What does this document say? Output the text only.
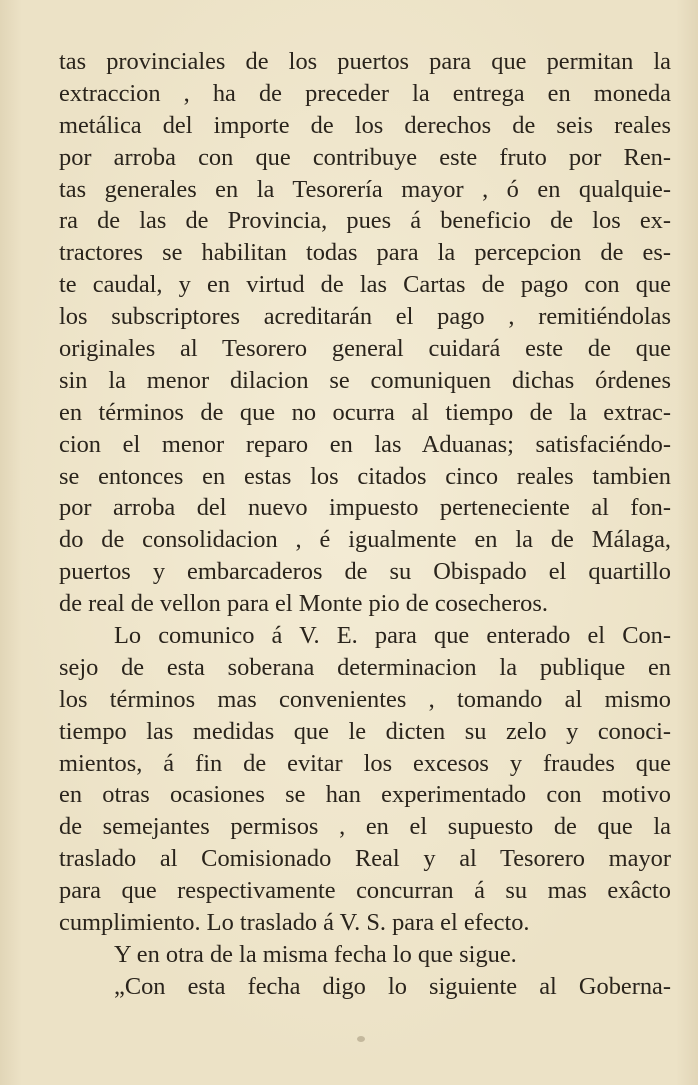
tas provinciales de los puertos para que permitan la
extraccion , ha de preceder la entrega en moneda
metálica del importe de los derechos de seis reales
por arroba con que contribuye este fruto por Ren-
tas generales en la Tesorería mayor , ó en qualquie-
ra de las de Provincia, pues á beneficio de los ex-
tractores se habilitan todas para la percepcion de es-
te caudal, y en virtud de las Cartas de pago con que
los subscriptores acreditarán el pago , remitiéndolas
originales al Tesorero general cuidará este de que
sin la menor dilacion se comuniquen dichas órdenes
en términos de que no ocurra al tiempo de la extrac-
cion el menor reparo en las Aduanas; satisfaciéndo-
se entonces en estas los citados cinco reales tambien
por arroba del nuevo impuesto perteneciente al fon-
do de consolidacion , é igualmente en la de Málaga,
puertos y embarcaderos de su Obispado el quartillo
de real de vellon para el Monte pio de cosecheros.
Lo comunico á V. E. para que enterado el Con-
sejo de esta soberana determinacion la publique en
los términos mas convenientes , tomando al mismo
tiempo las medidas que le dicten su zelo y conoci-
mientos, á fin de evitar los excesos y fraudes que
en otras ocasiones se han experimentado con motivo
de semejantes permisos , en el supuesto de que la
traslado al Comisionado Real y al Tesorero mayor
para que respectivamente concurran á su mas exâcto
cumplimiento. Lo traslado á V. S. para el efecto.
Y en otra de la misma fecha lo que sigue.
„Con esta fecha digo lo siguiente al Goberna-
